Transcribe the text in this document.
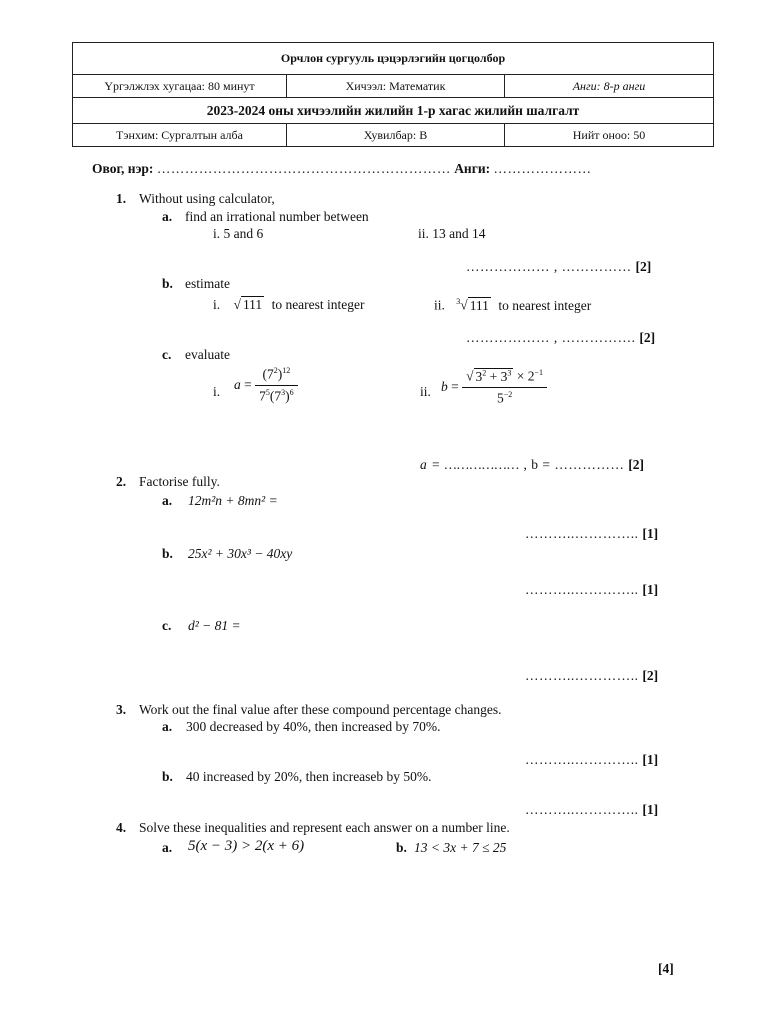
Орчлон сургууль цэцэрлэгийн цогцолбор		
Үргэлжлэх хугацаа: 80 минут	Хичээл: Математик	Анги: 8-р анги
2023-2024 оны хичээлийн жилийн 1-р хагас жилийн шалгалт		
Тэнхим: Сургалтын алба	Хувилбар: B	Нийт оноо: 50
Овог, нэр: ……………………………………………………… Анги: …………………
1. Without using calculator,
a. find an irrational number between
i. 5 and 6	ii. 13 and 14
……………… , …………… [2]
b. estimate
i. √ 111 to nearest integer	ii. $^3$√ 111 to nearest integer
……………… , ……………. [2]
c. evaluate
i. $a = \frac{(7^2)^{12}}{7^5(7^3)^6}$	ii. $b = \frac{√ 3^2 + 3^3 \times 2^{-1}}{5^{-2}}$
a = ……………… , b = …………… [2]
2. Factorise fully.
a. 12m²n + 8mn² =
………..………….. [1]
b. 25x² + 30x³ − 40xy
………..………….. [1]
c. d² − 81 =
………..………….. [2]
3. Work out the final value after these compound percentage changes.
a. 300 decreased by 40%, then increased by 70%.
………..………….. [1]
b. 40 increased by 20%, then increaseb by 50%.
………..………….. [1]
4. Solve these inequalities and represent each answer on a number line.
a. 5(x − 3) > 2(x + 6)	b. 13 < 3x + 7 ≤ 25
[4]
